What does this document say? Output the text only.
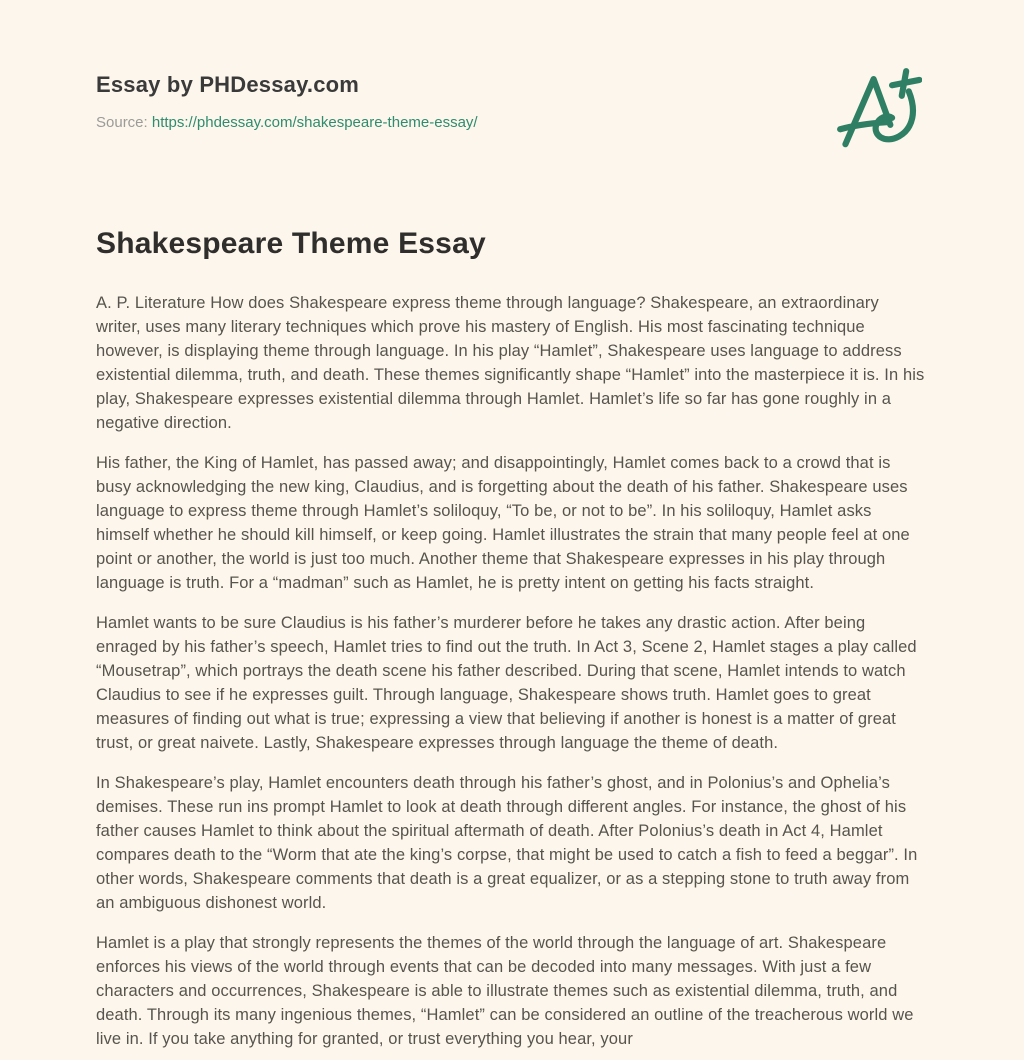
Essay by PHDessay.com
Source: https://phdessay.com/shakespeare-theme-essay/
Shakespeare Theme Essay

A. P. Literature How does Shakespeare express theme through language? Shakespeare, an extraordinary writer, uses many literary techniques which prove his mastery of English. His most fascinating technique however, is displaying theme through language. In his play “Hamlet”, Shakespeare uses language to address existential dilemma, truth, and death. These themes significantly shape “Hamlet” into the masterpiece it is. In his play, Shakespeare expresses existential dilemma through Hamlet. Hamlet’s life so far has gone roughly in a negative direction.

His father, the King of Hamlet, has passed away; and disappointingly, Hamlet comes back to a crowd that is busy acknowledging the new king, Claudius, and is forgetting about the death of his father. Shakespeare uses language to express theme through Hamlet’s soliloquy, “To be, or not to be”. In his soliloquy, Hamlet asks himself whether he should kill himself, or keep going. Hamlet illustrates the strain that many people feel at one point or another, the world is just too much. Another theme that Shakespeare expresses in his play through language is truth. For a “madman” such as Hamlet, he is pretty intent on getting his facts straight.

Hamlet wants to be sure Claudius is his father’s murderer before he takes any drastic action. After being enraged by his father’s speech, Hamlet tries to find out the truth. In Act 3, Scene 2, Hamlet stages a play called “Mousetrap”, which portrays the death scene his father described. During that scene, Hamlet intends to watch Claudius to see if he expresses guilt. Through language, Shakespeare shows truth. Hamlet goes to great measures of finding out what is true; expressing a view that believing if another is honest is a matter of great trust, or great naivete. Lastly, Shakespeare expresses through language the theme of death.

In Shakespeare’s play, Hamlet encounters death through his father’s ghost, and in Polonius’s and Ophelia’s demises. These run ins prompt Hamlet to look at death through different angles. For instance, the ghost of his father causes Hamlet to think about the spiritual aftermath of death. After Polonius’s death in Act 4, Hamlet compares death to the “Worm that ate the king’s corpse, that might be used to catch a fish to feed a beggar”. In other words, Shakespeare comments that death is a great equalizer, or as a stepping stone to truth away from an ambiguous dishonest world.

Hamlet is a play that strongly represents the themes of the world through the language of art. Shakespeare enforces his views of the world through events that can be decoded into many messages. With just a few characters and occurrences, Shakespeare is able to illustrate themes such as existential dilemma, truth, and death. Through its many ingenious themes, “Hamlet” can be considered an outline of the treacherous world we live in. If you take anything for granted, or trust everything you hear, your
